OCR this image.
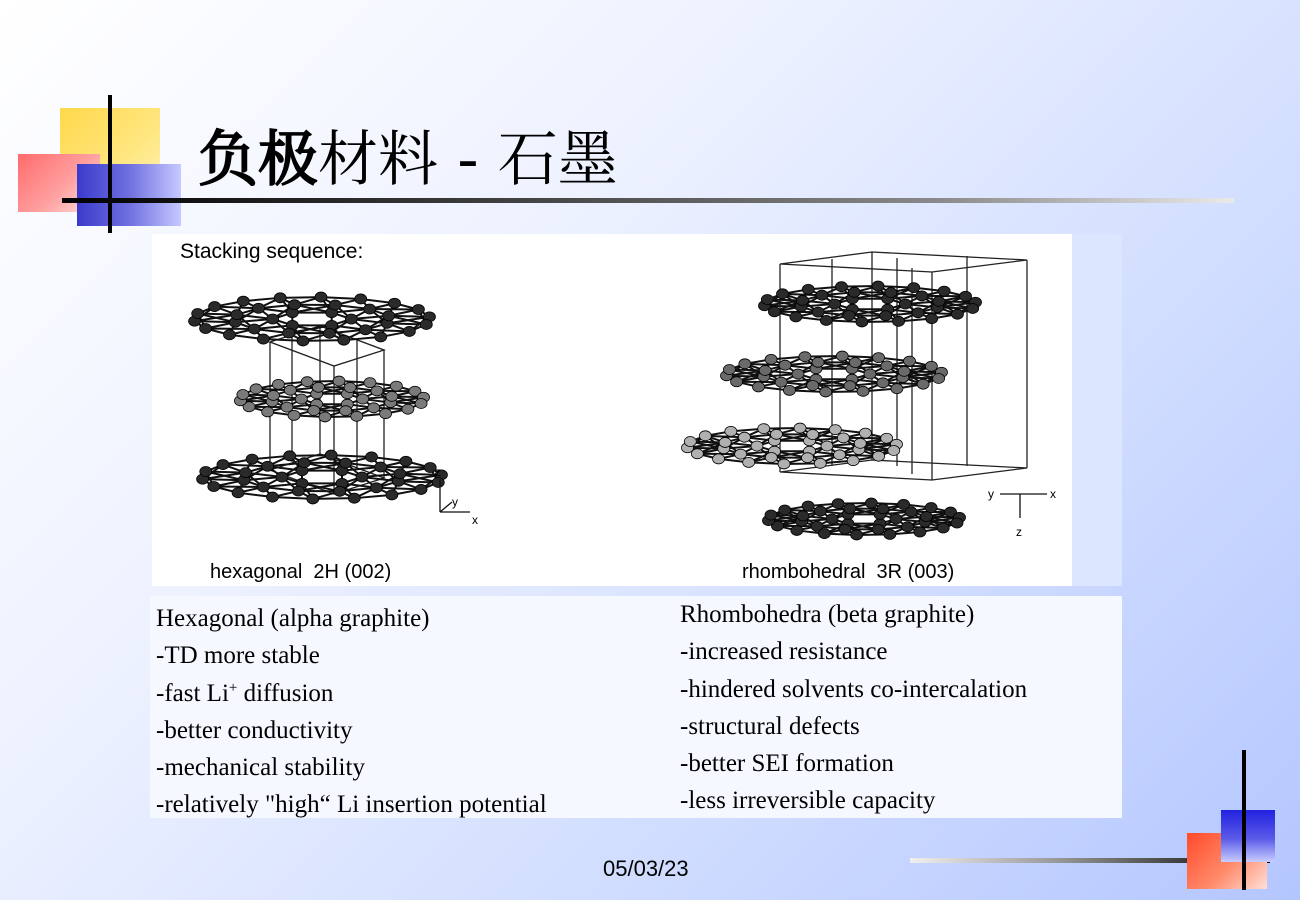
负极材料 - 石墨
Stacking sequence:
z
y
x
y	x
z
hexagonal  2H (002)	rhombohedral  3R (003)
Hexagonal (alpha graphite)
-TD more stable
-fast Li+ diffusion
-better conductivity
-mechanical stability
-relatively "high“ Li insertion potential
Rhombohedra (beta graphite)
-increased resistance
-hindered solvents co-intercalation
-structural defects
-better SEI formation
-less irreversible capacity
05/03/23
